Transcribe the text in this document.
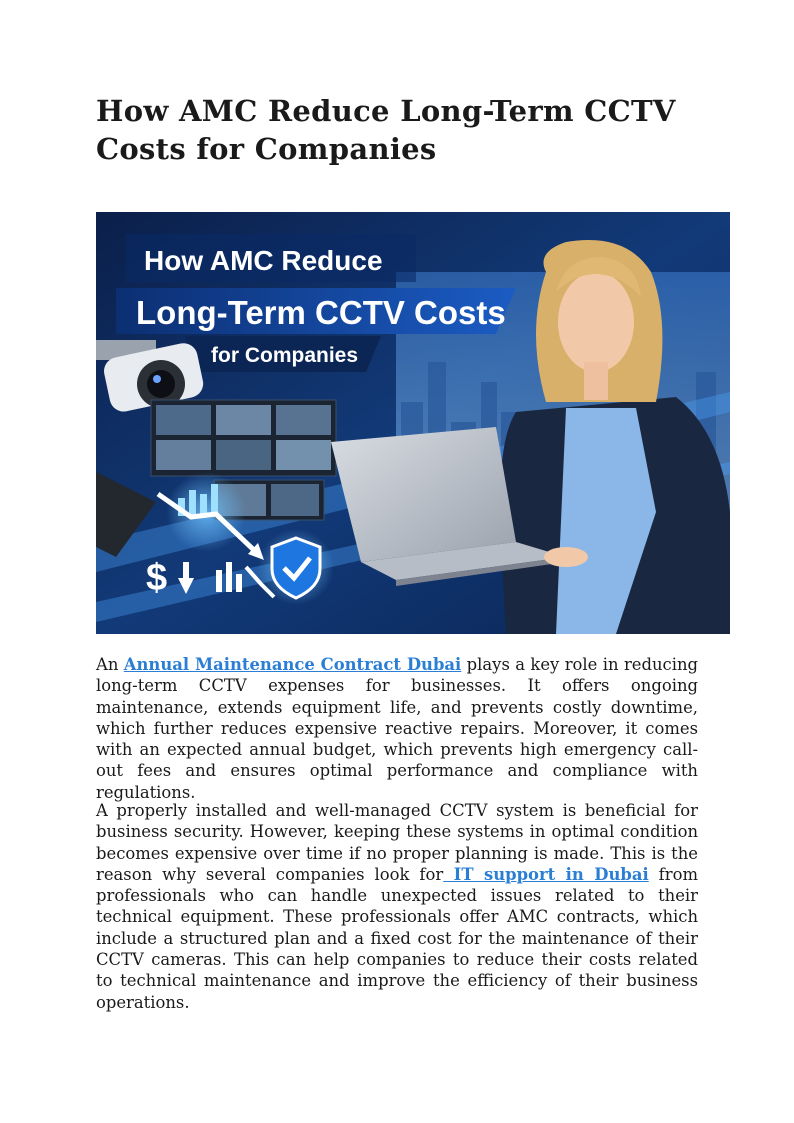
How AMC Reduce Long-Term CCTV Costs for Companies
How AMC Reduce
Long-Term CCTV Costs
for Companies
$

An Annual Maintenance Contract Dubai plays a key role in reducing long-term CCTV expenses for businesses. It offers ongoing maintenance, extends equipment life, and prevents costly downtime, which further reduces expensive reactive repairs. Moreover, it comes with an expected annual budget, which prevents high emergency call-out fees and ensures optimal performance and compliance with regulations.

A properly installed and well-managed CCTV system is beneficial for business security. However, keeping these systems in optimal condition becomes expensive over time if no proper planning is made. This is the reason why several companies look for IT support in Dubai from professionals who can handle unexpected issues related to their technical equipment. These professionals offer AMC contracts, which include a structured plan and a fixed cost for the maintenance of their CCTV cameras. This can help companies to reduce their costs related to technical maintenance and improve the efficiency of their business operations.
